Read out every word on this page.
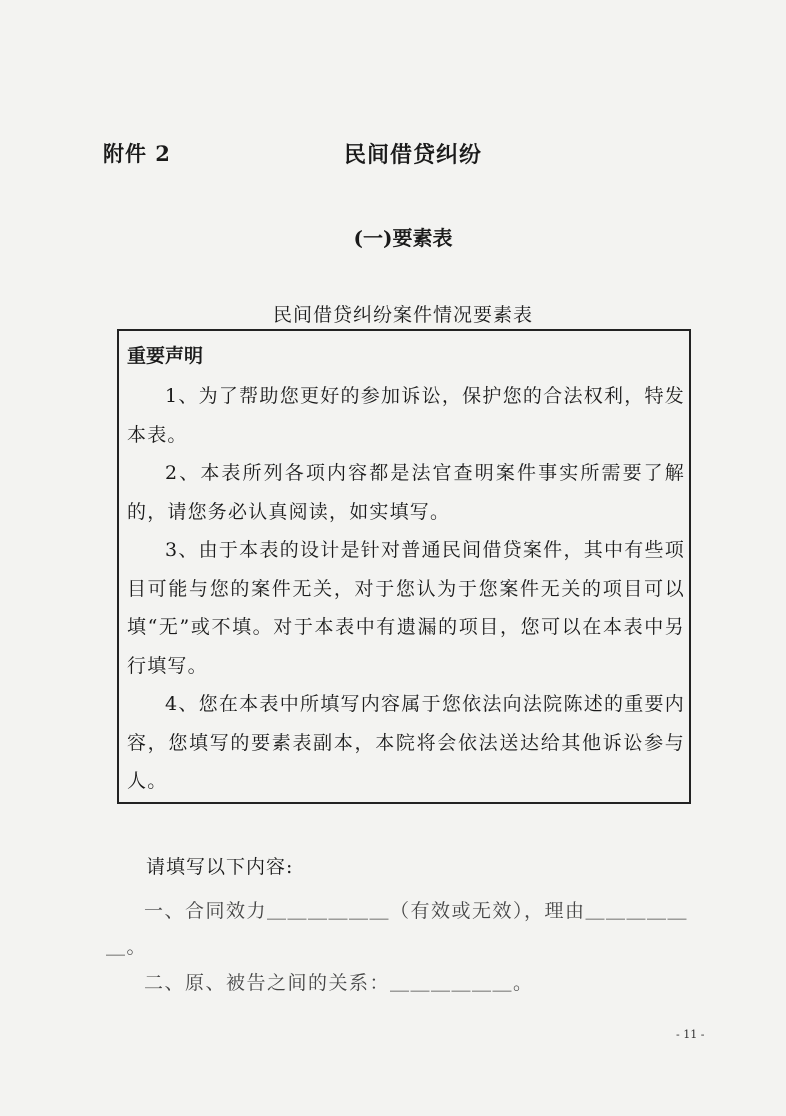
附件 2	民间借贷纠纷
(一)要素表
民间借贷纠纷案件情况要素表
重要声明

1、为了帮助您更好的参加诉讼，保护您的合法权利，特发本表。

2、本表所列各项内容都是法官查明案件事实所需要了解的，请您务必认真阅读，如实填写。

3、由于本表的设计是针对普通民间借贷案件，其中有些项目可能与您的案件无关，对于您认为于您案件无关的项目可以填“无”或不填。对于本表中有遗漏的项目，您可以在本表中另行填写。

4、您在本表中所填写内容属于您依法向法院陈述的重要内容，您填写的要素表副本，本院将会依法送达给其他诉讼参与人。

请填写以下内容:
一、合同效力＿＿＿＿＿＿（有效或无效），理由＿＿＿＿＿＿。
二、原、被告之间的关系：＿＿＿＿＿＿。
- 11 -
